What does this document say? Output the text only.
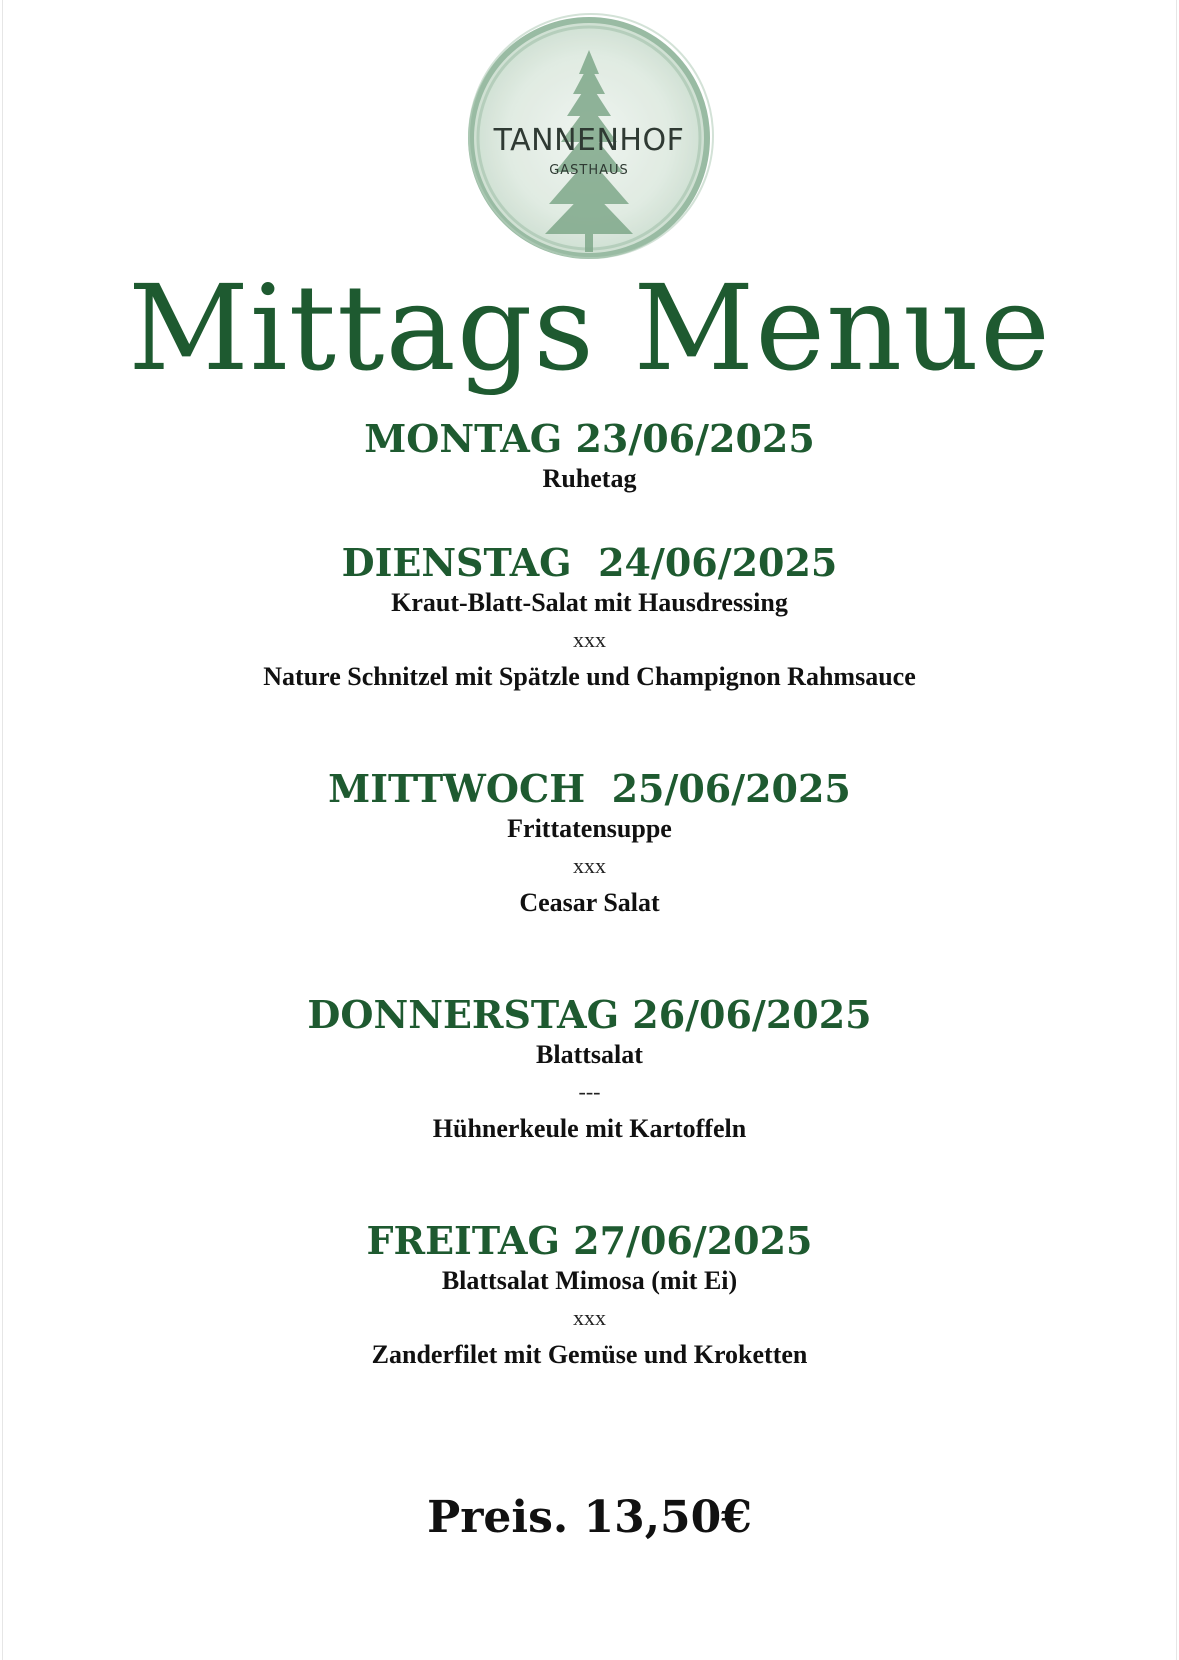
TANNENHOF
GASTHAUS
Mittags Menue
MONTAG 23/06/2025
Ruhetag
DIENSTAG  24/06/2025
Kraut-Blatt-Salat mit Hausdressing
xxx
Nature Schnitzel mit Spätzle und Champignon Rahmsauce
MITTWOCH  25/06/2025
Frittatensuppe
xxx
Ceasar Salat
DONNERSTAG 26/06/2025
Blattsalat
---
Hühnerkeule mit Kartoffeln
FREITAG 27/06/2025
Blattsalat Mimosa (mit Ei)
xxx
Zanderfilet mit Gemüse und Kroketten
Preis. 13,50€
